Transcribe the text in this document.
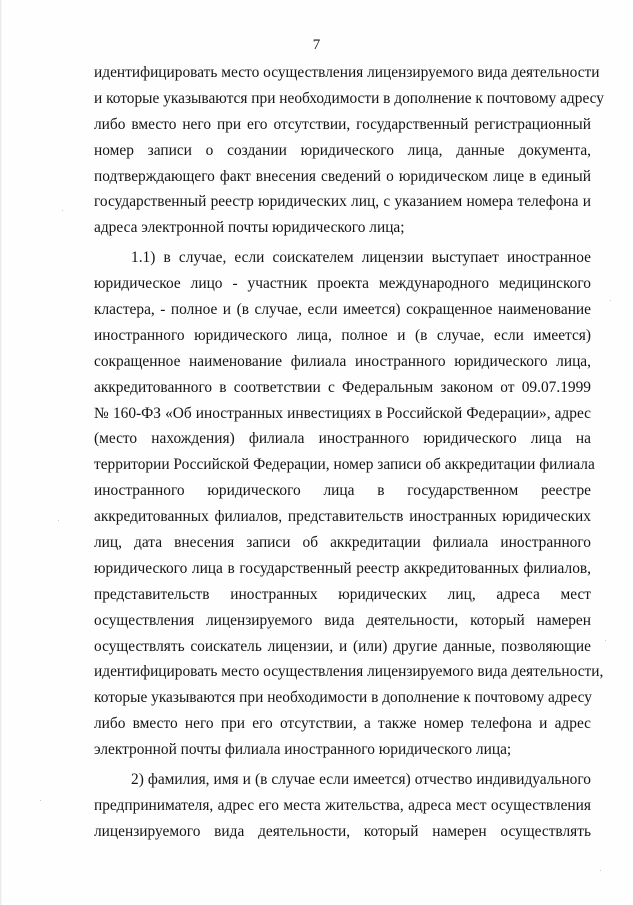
7
идентифицировать место осуществления лицензируемого вида деятельности
и которые указываются при необходимости в дополнение к почтовому адресу
либо вместо него при его отсутствии, государственный регистрационный
номер записи о создании юридического лица, данные документа,
подтверждающего факт внесения сведений о юридическом лице в единый
государственный реестр юридических лиц, с указанием номера телефона и
адреса электронной почты юридического лица;
1.1) в случае, если соискателем лицензии выступает иностранное
юридическое лицо - участник проекта международного медицинского
кластера, - полное и (в случае, если имеется) сокращенное наименование
иностранного юридического лица, полное и (в случае, если имеется)
сокращенное наименование филиала иностранного юридического лица,
аккредитованного в соответствии с Федеральным законом от 09.07.1999
№ 160-ФЗ «Об иностранных инвестициях в Российской Федерации», адрес
(место нахождения) филиала иностранного юридического лица на
территории Российской Федерации, номер записи об аккредитации филиала
иностранного юридического лица в государственном реестре
аккредитованных филиалов, представительств иностранных юридических
лиц, дата внесения записи об аккредитации филиала иностранного
юридического лица в государственный реестр аккредитованных филиалов,
представительств иностранных юридических лиц, адреса мест
осуществления лицензируемого вида деятельности, который намерен
осуществлять соискатель лицензии, и (или) другие данные, позволяющие
идентифицировать место осуществления лицензируемого вида деятельности,
которые указываются при необходимости в дополнение к почтовому адресу
либо вместо него при его отсутствии, а также номер телефона и адрес
электронной почты филиала иностранного юридического лица;
2) фамилия, имя и (в случае если имеется) отчество индивидуального
предпринимателя, адрес его места жительства, адреса мест осуществления
лицензируемого вида деятельности, который намерен осуществлять
